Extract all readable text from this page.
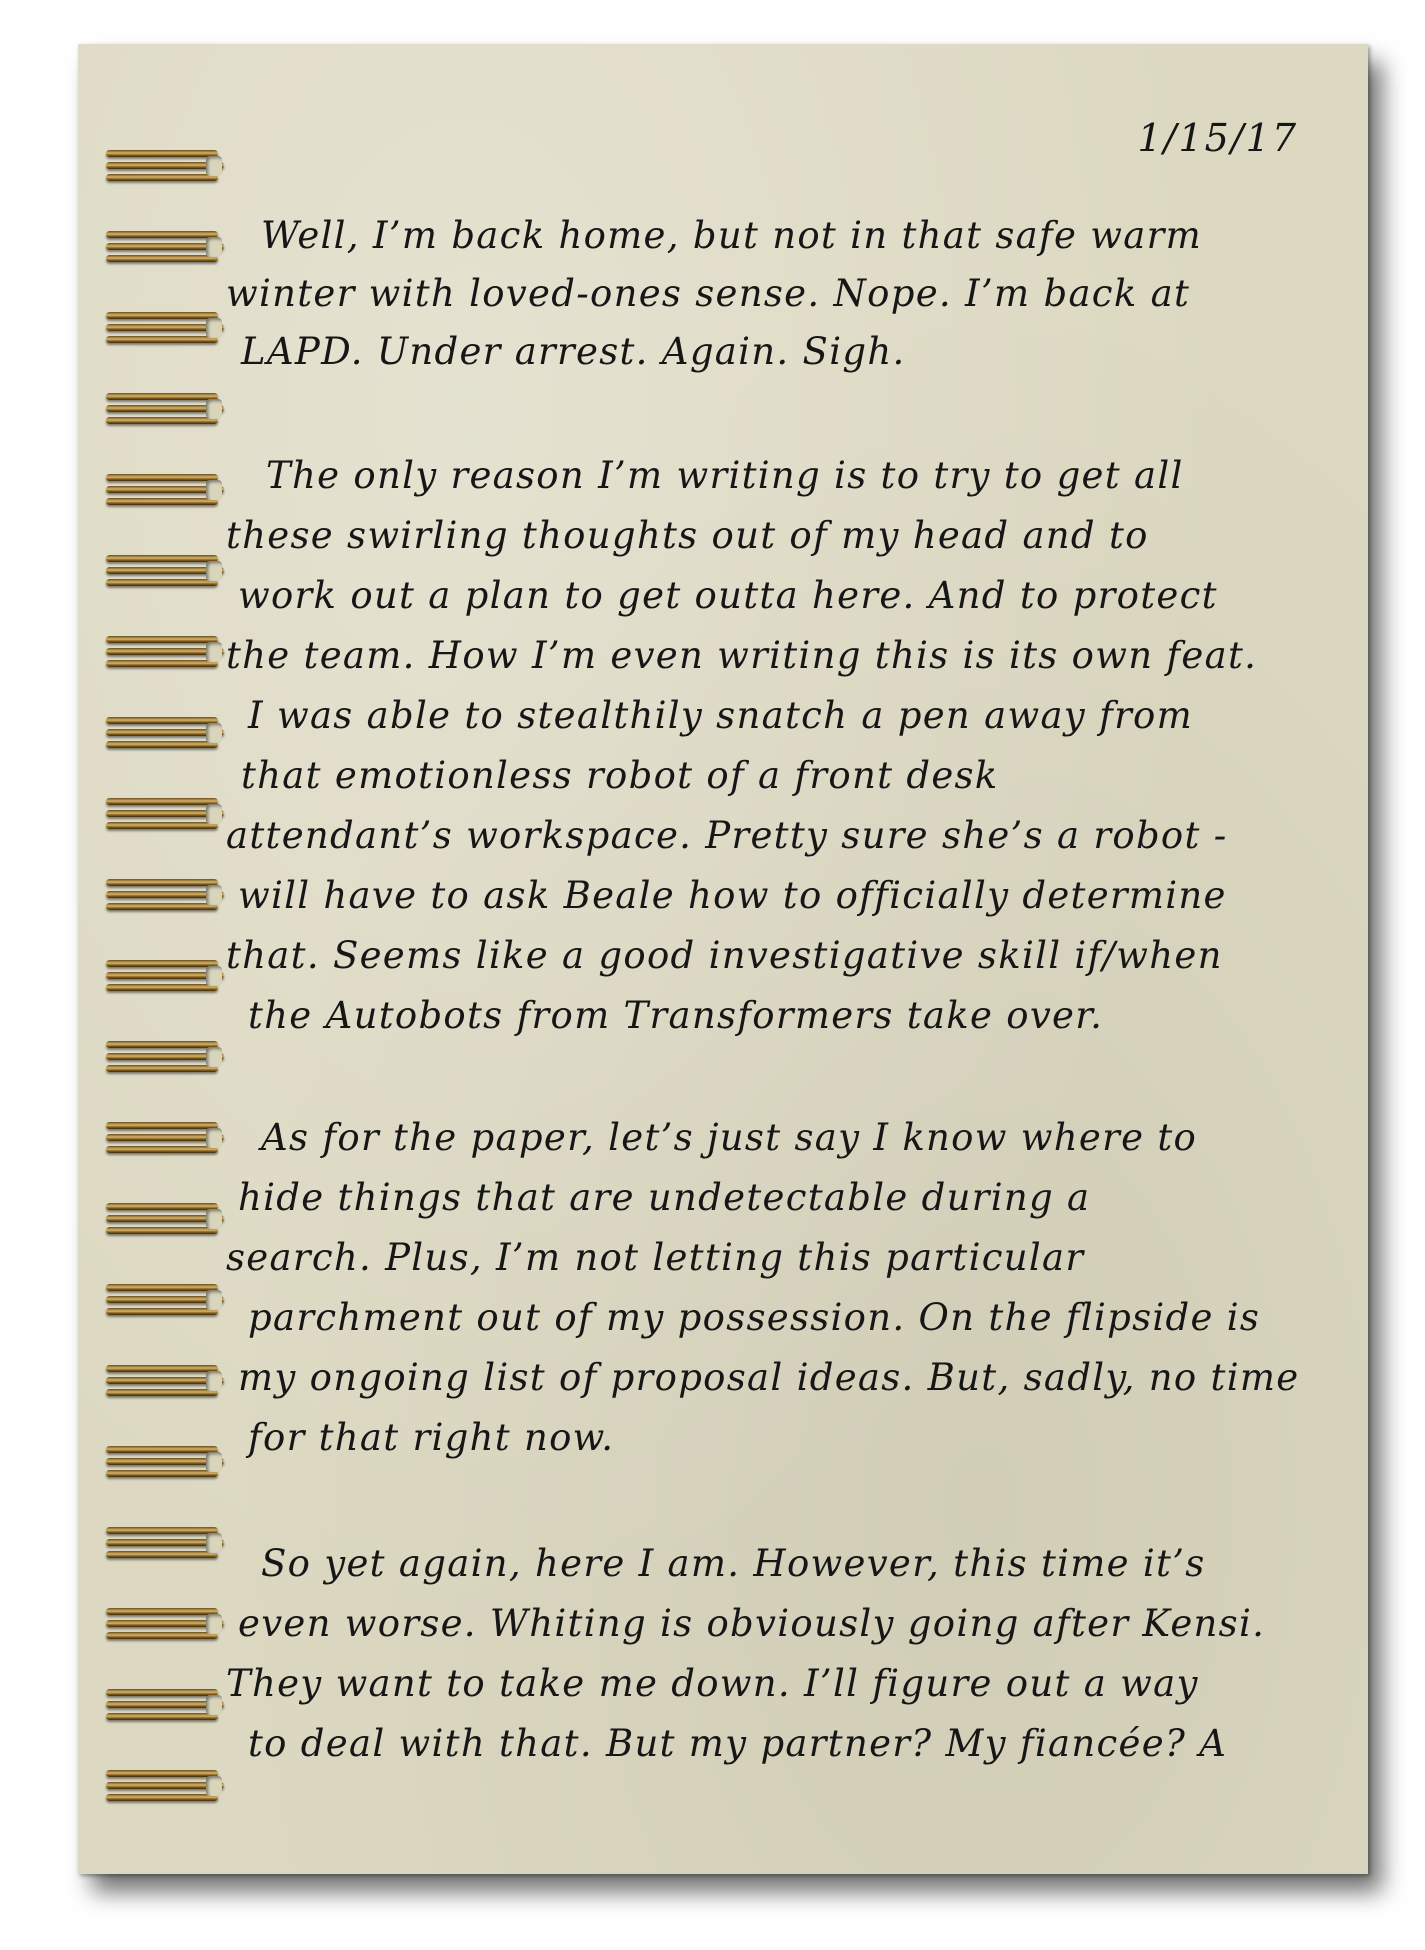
1/15/17
Well, I’m back home, but not in that safe warm
winter with loved-ones sense. Nope. I’m back at
LAPD. Under arrest. Again. Sigh.
The only reason I’m writing is to try to get all
these swirling thoughts out of my head and to
work out a plan to get outta here. And to protect
the team. How I’m even writing this is its own feat.
I was able to stealthily snatch a pen away from
that emotionless robot of a front desk
attendant’s workspace. Pretty sure she’s a robot -
will have to ask Beale how to officially determine
that. Seems like a good investigative skill if/when
the Autobots from Transformers take over.
As for the paper, let’s just say I know where to
hide things that are undetectable during a
search. Plus, I’m not letting this particular
parchment out of my possession. On the flipside is
my ongoing list of proposal ideas. But, sadly, no time
for that right now.
So yet again, here I am. However, this time it’s
even worse. Whiting is obviously going after Kensi.
They want to take me down. I’ll figure out a way
to deal with that. But my partner? My fiancée? A
